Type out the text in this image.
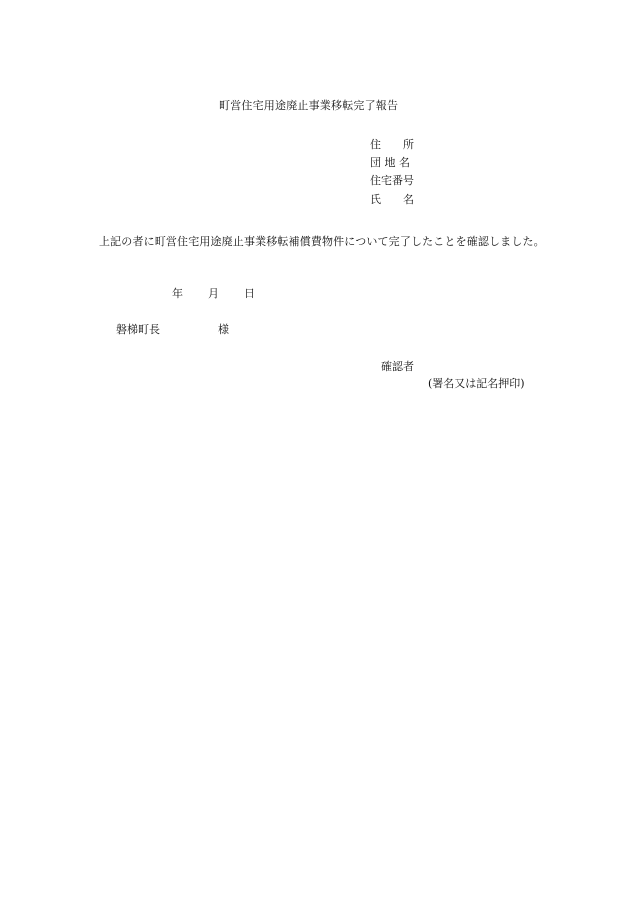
町営住宅用途廃止事業移転完了報告
住　　所
団 地 名
住宅番号
氏　　名
上記の者に町営住宅用途廃止事業移転補償費物件について完了したことを確認しました。
年 月 日
磐梯町長	様
確認者
(署名又は記名押印)
